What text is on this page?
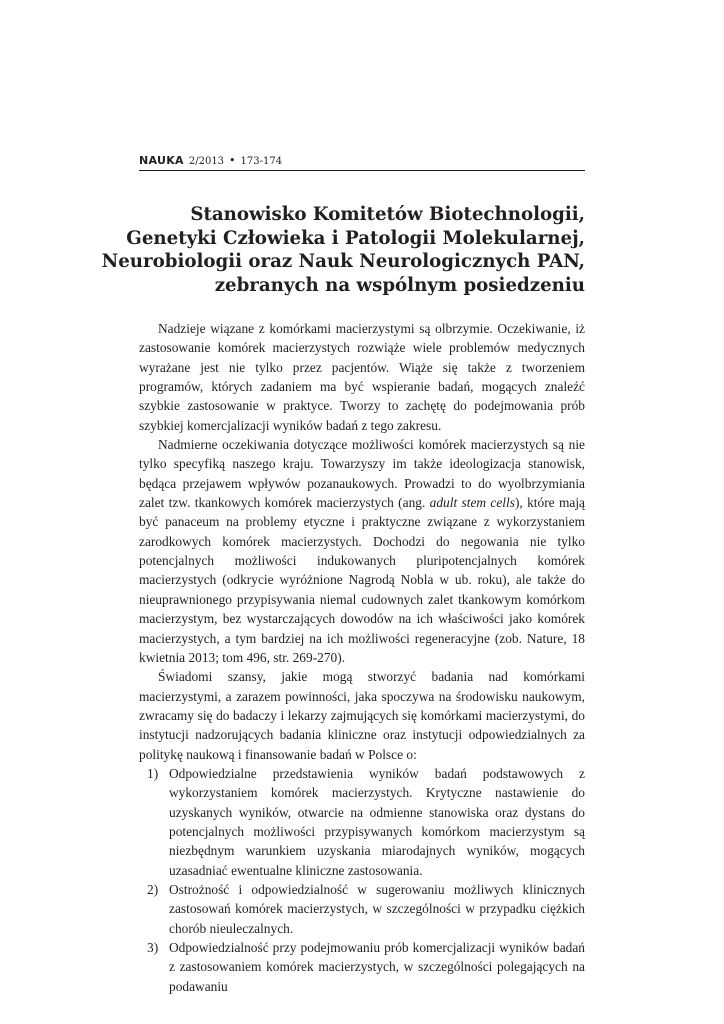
NAUKA 2/2013 • 173-174
Stanowisko Komitetów Biotechnologii,
Genetyki Człowieka i Patologii Molekularnej,
Neurobiologii oraz Nauk Neurologicznych PAN,
zebranych na wspólnym posiedzeniu

Nadzieje wiązane z komórkami macierzystymi są olbrzymie. Oczekiwanie, iż zastosowanie komórek macierzystych rozwiąże wiele problemów medycznych wyrażane jest nie tylko przez pacjentów. Wiąże się także z tworzeniem programów, których zadaniem ma być wspieranie badań, mogących znaleźć szybkie zastosowanie w praktyce. Tworzy to zachętę do podejmowania prób szybkiej komercjalizacji wyników badań z tego zakresu.

Nadmierne oczekiwania dotyczące możliwości komórek macierzystych są nie tylko specyfiką naszego kraju. Towarzyszy im także ideologizacja stanowisk, będąca przejawem wpływów pozanaukowych. Prowadzi to do wyolbrzymiania zalet tzw. tkankowych komórek macierzystych (ang. adult stem cells), które mają być panaceum na problemy etyczne i praktyczne związane z wykorzystaniem zarodkowych komórek macierzystych. Dochodzi do negowania nie tylko potencjalnych możliwości indukowanych pluripotencjalnych komórek macierzystych (odkrycie wyróżnione Nagrodą Nobla w ub. roku), ale także do nieuprawnionego przypisywania niemal cudownych zalet tkankowym komórkom macierzystym, bez wystarczających dowodów na ich właściwości jako komórek macierzystych, a tym bardziej na ich możliwości regeneracyjne (zob. Nature, 18 kwietnia 2013; tom 496, str. 269-270).

Świadomi szansy, jakie mogą stworzyć badania nad komórkami macierzystymi, a zarazem powinności, jaka spoczywa na środowisku naukowym, zwracamy się do badaczy i lekarzy zajmujących się komórkami macierzystymi, do instytucji nadzorujących badania kliniczne oraz instytucji odpowiedzialnych za politykę naukową i finansowanie badań w Polsce o:

1) Odpowiedzialne przedstawienia wyników badań podstawowych z wykorzystaniem komórek macierzystych. Krytyczne nastawienie do uzyskanych wyników, otwarcie na odmienne stanowiska oraz dystans do potencjalnych możliwości przypisywanych komórkom macierzystym są niezbędnym warunkiem uzyskania miarodajnych wyników, mogących uzasadniać ewentualne kliniczne zastosowania.
2) Ostrożność i odpowiedzialność w sugerowaniu możliwych klinicznych zastosowań komórek macierzystych, w szczególności w przypadku ciężkich chorób nieuleczalnych.
3) Odpowiedzialność przy podejmowaniu prób komercjalizacji wyników badań z zastosowaniem komórek macierzystych, w szczególności polegających na podawaniu
